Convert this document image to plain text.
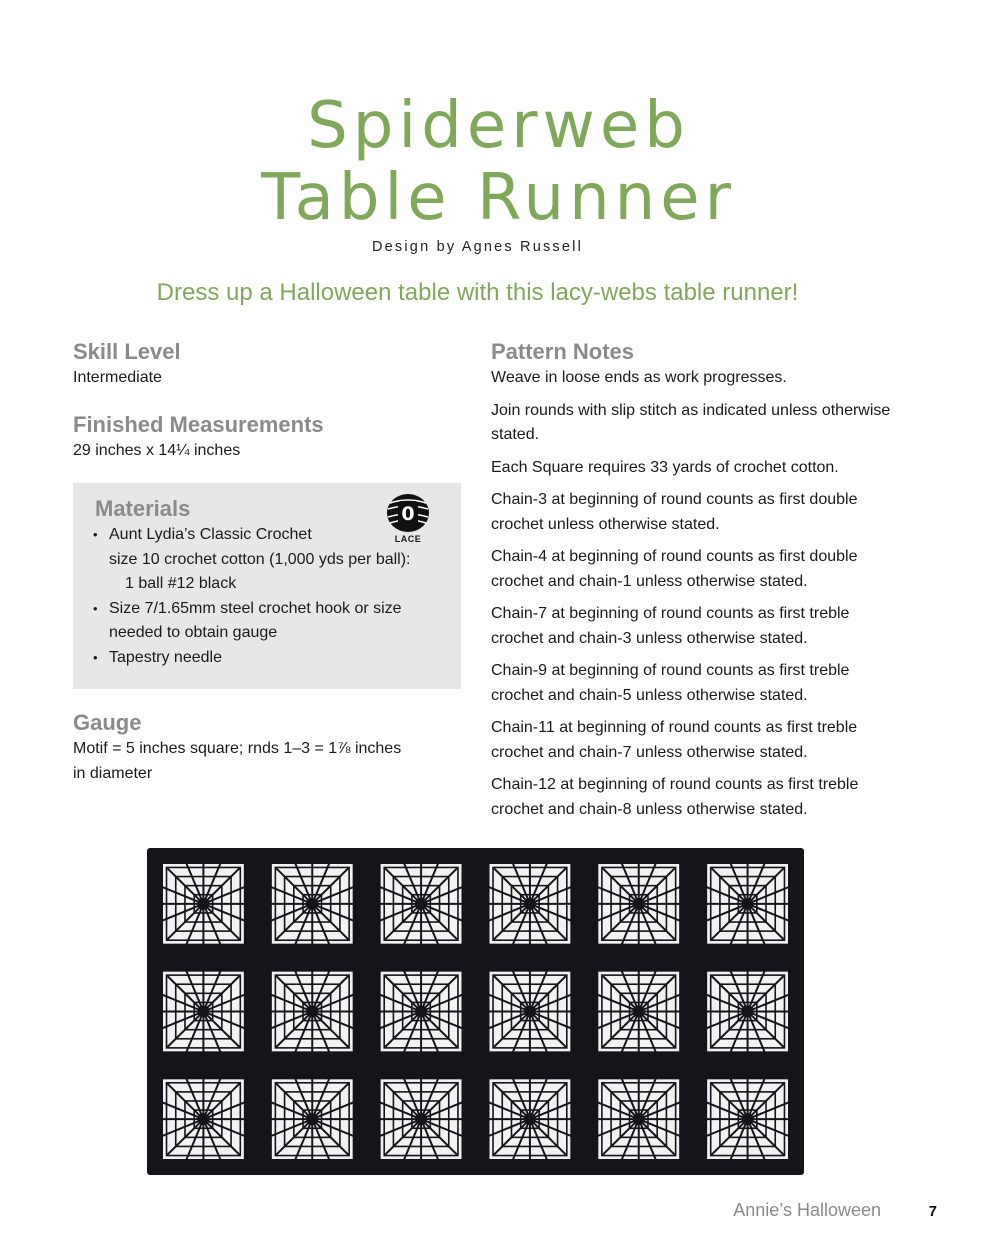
Spiderweb
Table Runner
Design by Agnes Russell
Dress up a Halloween table with this lacy-webs table runner!
Skill Level

Intermediate

Finished Measurements

29 inches x 14¼ inches

Materials	0
LACE
• Aunt Lydia’s Classic Crochet
size 10 crochet cotton (1,000 yds per ball):
1 ball #12 black
• Size 7/1.65mm steel crochet hook or size
needed to obtain gauge
• Tapestry needle
Gauge

Motif = 5 inches square; rnds 1–3 = 1⅞ inches in diameter

Pattern Notes

Weave in loose ends as work progresses.

Join rounds with slip stitch as indicated unless otherwise stated.

Each Square requires 33 yards of crochet cotton.

Chain-3 at beginning of round counts as first double crochet unless otherwise stated.

Chain-4 at beginning of round counts as first double crochet and chain-1 unless otherwise stated.

Chain-7 at beginning of round counts as first treble crochet and chain-3 unless otherwise stated.

Chain-9 at beginning of round counts as first treble crochet and chain-5 unless otherwise stated.

Chain-11 at beginning of round counts as first treble crochet and chain-7 unless otherwise stated.

Chain-12 at beginning of round counts as first treble crochet and chain-8 unless otherwise stated.

Annie’s Halloween	7
